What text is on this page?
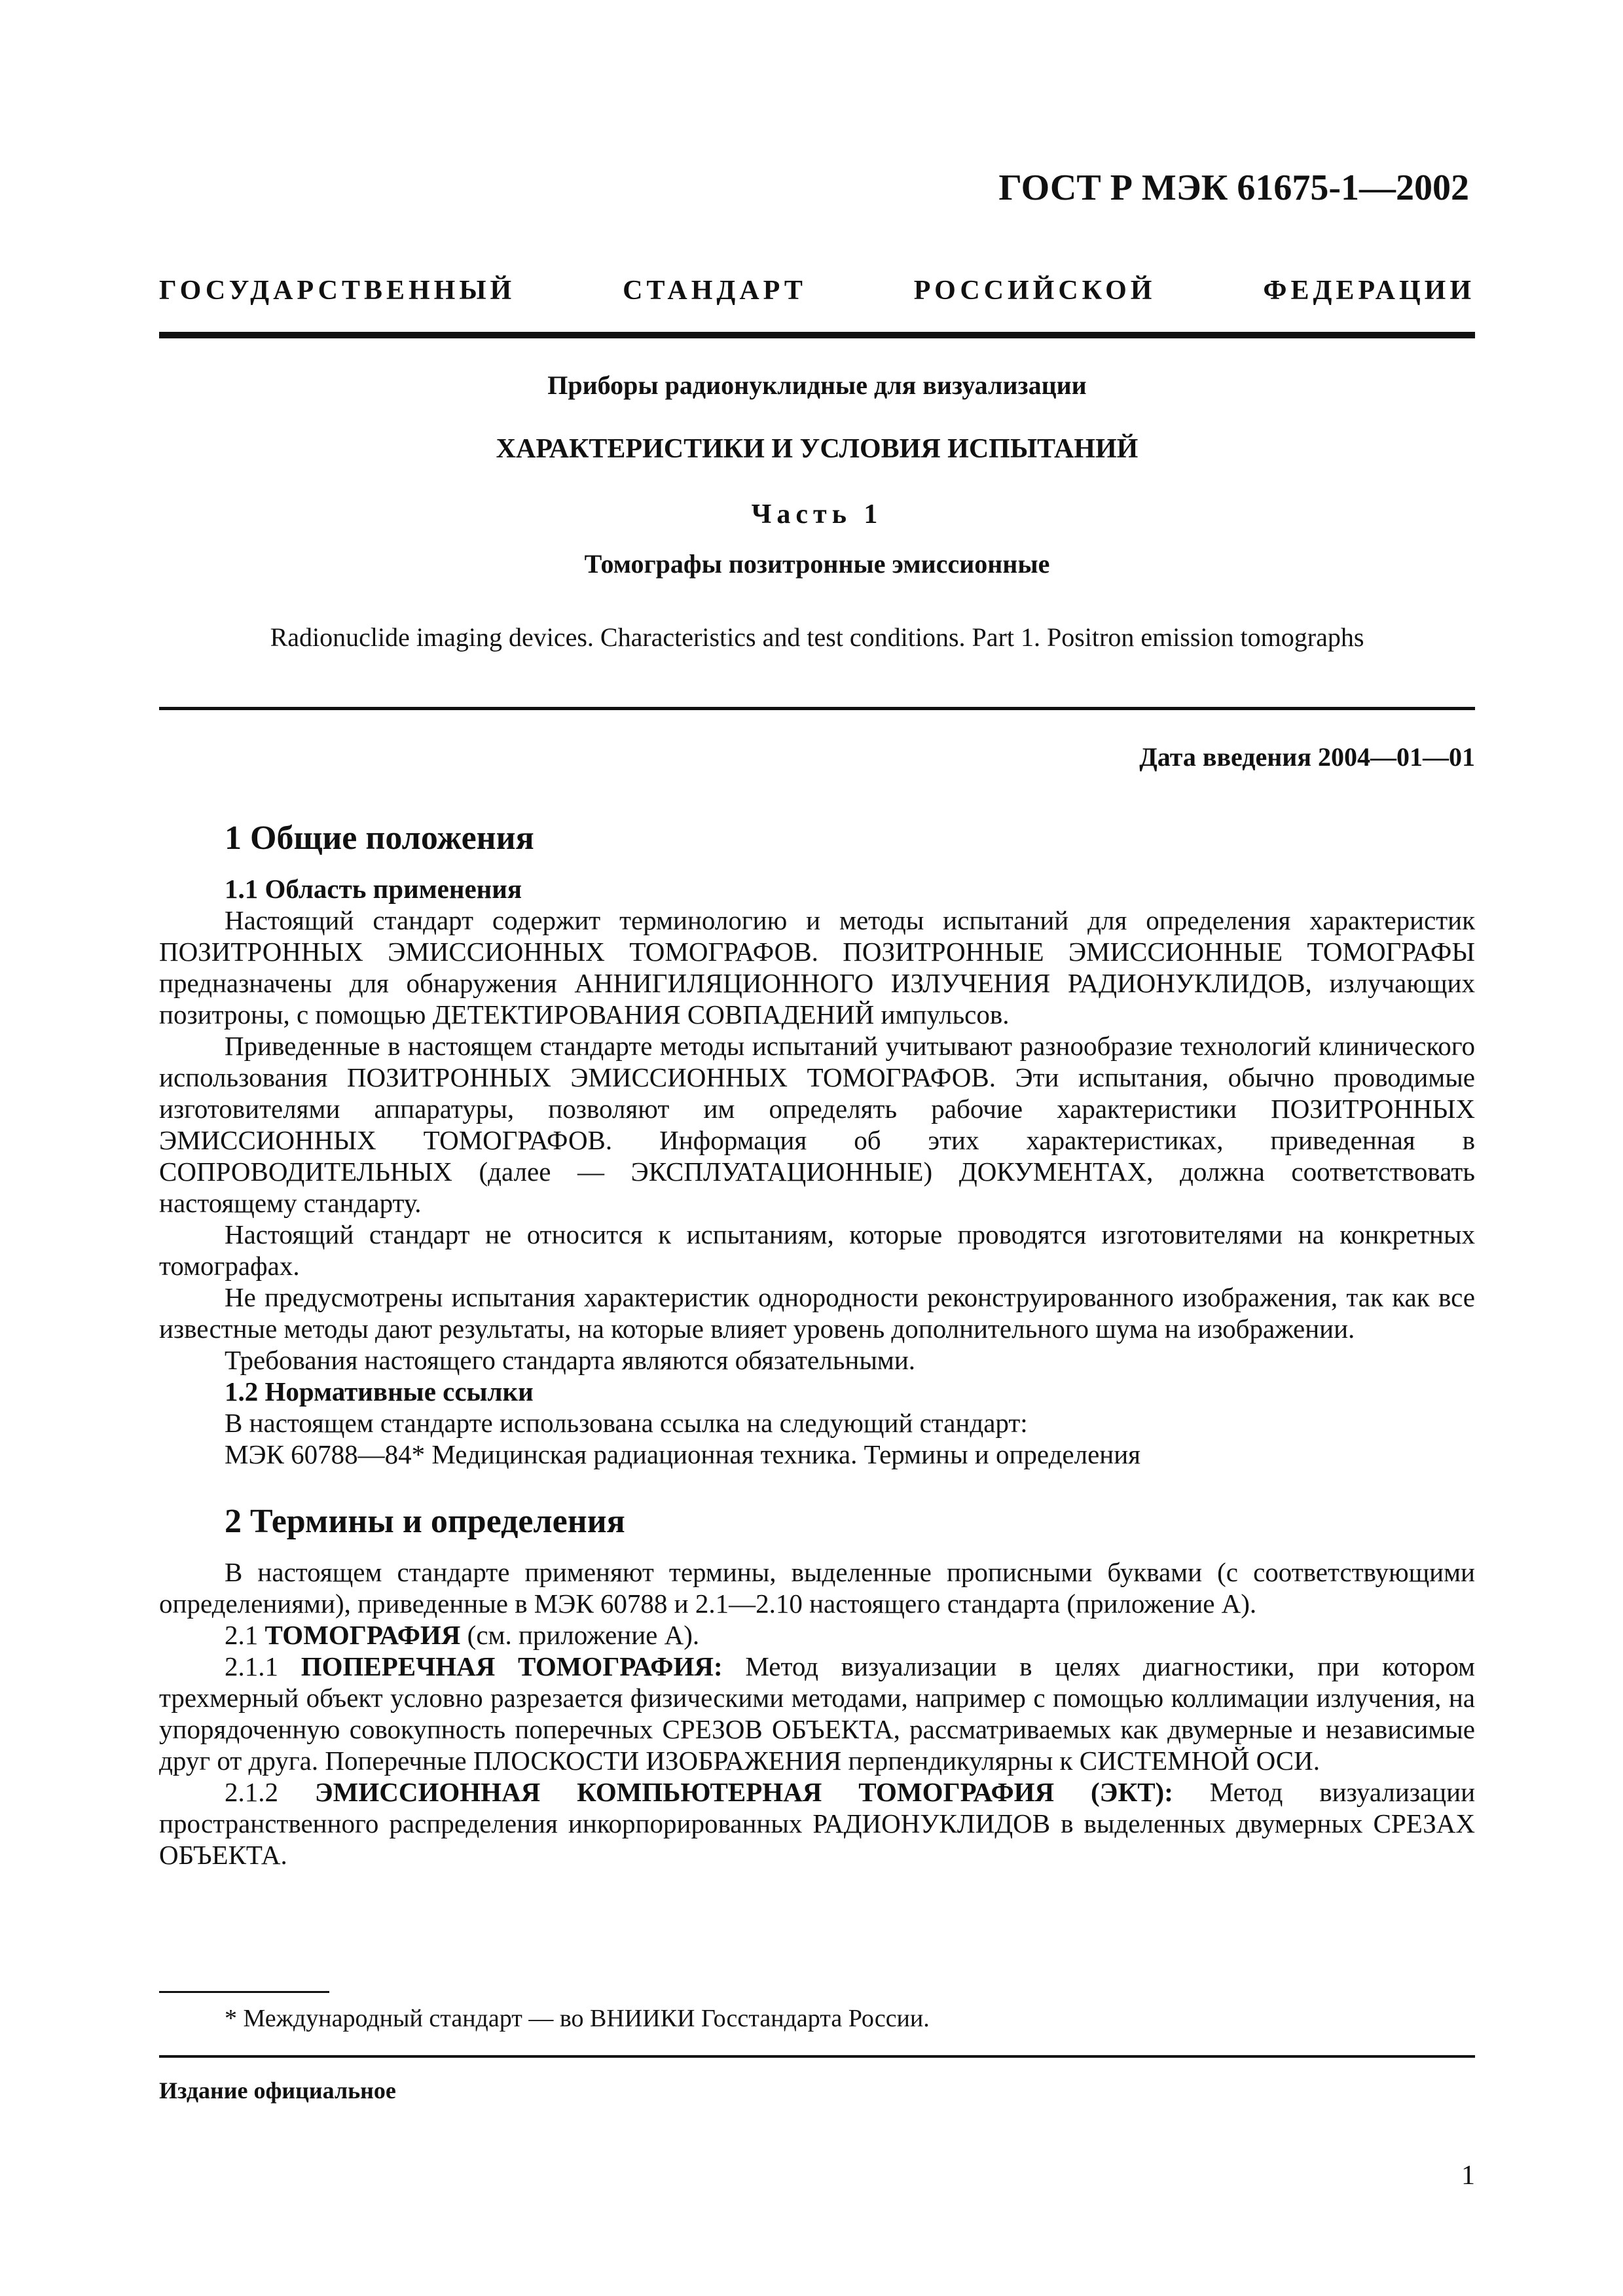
ГОСТ Р МЭК 61675-1—2002
ГОСУДАРСТВЕННЫЙ СТАНДАРТ РОССИЙСКОЙ ФЕДЕРАЦИИ
Приборы радионуклидные для визуализации
ХАРАКТЕРИСТИКИ И УСЛОВИЯ ИСПЫТАНИЙ
Часть 1
Томографы позитронные эмиссионные
Radionuclide imaging devices. Characteristics and test conditions. Part 1. Positron emission tomographs
Дата введения 2004—01—01
1 Общие положения
1.1 Область применения

Настоящий стандарт содержит терминологию и методы испытаний для определения характеристик ПОЗИТРОННЫХ ЭМИССИОННЫХ ТОМОГРАФОВ. ПОЗИТРОННЫЕ ЭМИССИОННЫЕ ТОМОГРАФЫ предназначены для обнаружения АННИГИЛЯЦИОННОГО ИЗЛУЧЕНИЯ РАДИОНУКЛИДОВ, излучающих позитроны, с помощью ДЕТЕКТИРОВАНИЯ СОВПАДЕНИЙ импульсов.

Приведенные в настоящем стандарте методы испытаний учитывают разнообразие технологий клинического использования ПОЗИТРОННЫХ ЭМИССИОННЫХ ТОМОГРАФОВ. Эти испытания, обычно проводимые изготовителями аппаратуры, позволяют им определять рабочие характеристики ПОЗИТРОННЫХ ЭМИССИОННЫХ ТОМОГРАФОВ. Информация об этих характеристиках, приведенная в СОПРОВОДИТЕЛЬНЫХ (далее — ЭКСПЛУАТАЦИОННЫЕ) ДОКУМЕНТАХ, должна соответствовать настоящему стандарту.

Настоящий стандарт не относится к испытаниям, которые проводятся изготовителями на конкретных томографах.

Не предусмотрены испытания характеристик однородности реконструированного изображения, так как все известные методы дают результаты, на которые влияет уровень дополнительного шума на изображении.

Требования настоящего стандарта являются обязательными.

1.2 Нормативные ссылки

В настоящем стандарте использована ссылка на следующий стандарт:

МЭК 60788—84* Медицинская радиационная техника. Термины и определения

2 Термины и определения

В настоящем стандарте применяют термины, выделенные прописными буквами (с соответствующими определениями), приведенные в МЭК 60788 и 2.1—2.10 настоящего стандарта (приложение А).

2.1 ТОМОГРАФИЯ (см. приложение А).

2.1.1 ПОПЕРЕЧНАЯ ТОМОГРАФИЯ: Метод визуализации в целях диагностики, при котором трехмерный объект условно разрезается физическими методами, например с помощью коллимации излучения, на упорядоченную совокупность поперечных СРЕЗОВ ОБЪЕКТА, рассматриваемых как двумерные и независимые друг от друга. Поперечные ПЛОСКОСТИ ИЗОБРАЖЕНИЯ перпендикулярны к СИСТЕМНОЙ ОСИ.

2.1.2 ЭМИССИОННАЯ КОМПЬЮТЕРНАЯ ТОМОГРАФИЯ (ЭКТ): Метод визуализации пространственного распределения инкорпорированных РАДИОНУКЛИДОВ в выделенных двумерных СРЕЗАХ ОБЪЕКТА.

* Международный стандарт — во ВНИИКИ Госстандарта России.
Издание официальное
1
